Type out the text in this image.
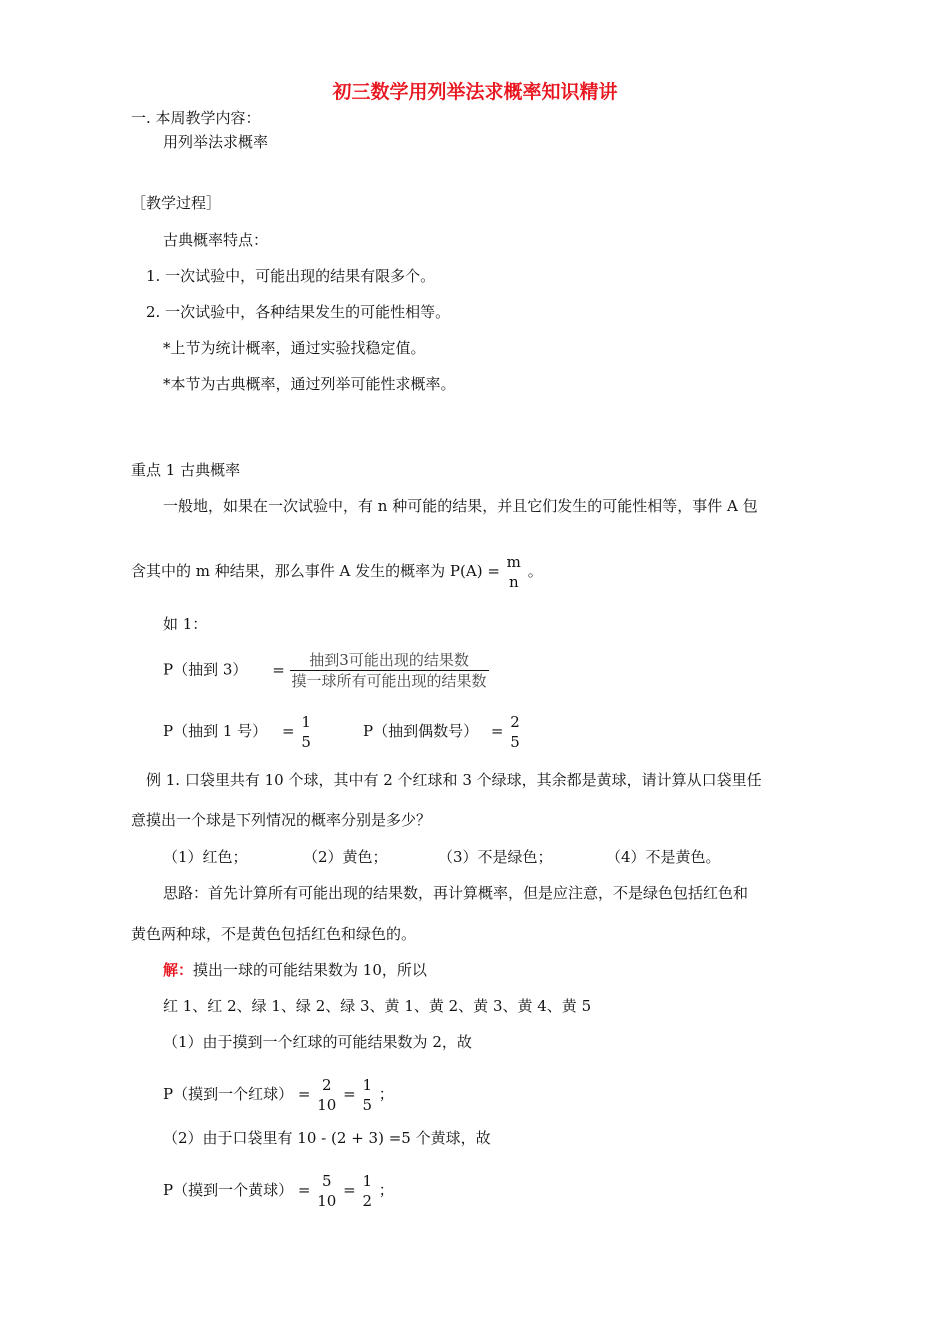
初三数学用列举法求概率知识精讲
一. 本周教学内容：
用列举法求概率
［教学过程］
古典概率特点：
1. 一次试验中，可能出现的结果有限多个。
2. 一次试验中，各种结果发生的可能性相等。
*上节为统计概率，通过实验找稳定值。
*本节为古典概率，通过列举可能性求概率。
重点 1 古典概率
一般地，如果在一次试验中，有 n 种可能的结果，并且它们发生的可能性相等，事件 A 包
含其中的 m 种结果，那么事件 A 发生的概率为 P(A) = m
n
。
如 1：
P（抽到 $3) = \frac{\text{抽到3可能出现的结果数}}{\text{摸一球所有可能出现的结果数}}$
P（抽到 1 号） = 1
5
P（抽到偶数号） = 2
5
例 1. 口袋里共有 10 个球，其中有 2 个红球和 3 个绿球，其余都是黄球，请计算从口袋里任
意摸出一个球是下列情况的概率分别是多少？
（1）红色；	（2）黄色；	（3）不是绿色；	（4）不是黄色。
思路：首先计算所有可能出现的结果数，再计算概率，但是应注意，不是绿色包括红色和
黄色两种球，不是黄色包括红色和绿色的。
解：摸出一球的可能结果数为 10，所以
红 1、红 2、绿 1、绿 2、绿 3、黄 1、黄 2、黄 3、黄 4、黄 5
（1）由于摸到一个红球的可能结果数为 2，故
P（摸到一个红球） = 2
10
= 1
5
；
（2）由于口袋里有 10 - (2 + 3) =5 个黄球，故
P（摸到一个黄球） = 5
10
= 1
2
；
